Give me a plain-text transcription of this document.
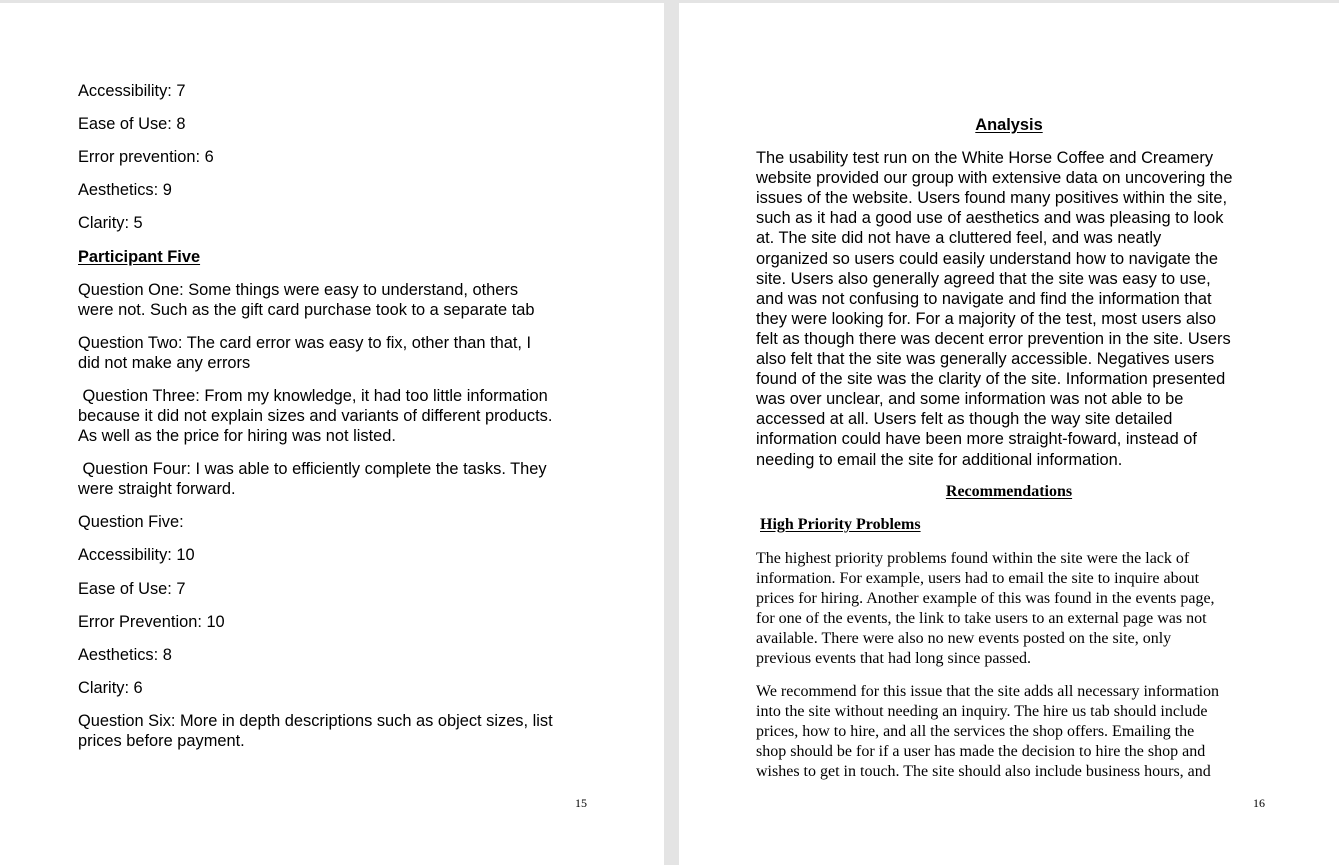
Accessibility: 7

Ease of Use: 8

Error prevention: 6

Aesthetics: 9

Clarity: 5

Participant Five

Question One: Some things were easy to understand, others

were not. Such as the gift card purchase took to a separate tab

Question Two: The card error was easy to fix, other than that, I

did not make any errors

Question Three: From my knowledge, it had too little information

because it did not explain sizes and variants of different products.

As well as the price for hiring was not listed.

Question Four: I was able to efficiently complete the tasks. They

were straight forward.

Question Five:

Accessibility: 10

Ease of Use: 7

Error Prevention: 10

Aesthetics: 8

Clarity: 6

Question Six: More in depth descriptions such as object sizes, list

prices before payment.

15

Analysis

The usability test run on the White Horse Coffee and Creamery

website provided our group with extensive data on uncovering the

issues of the website. Users found many positives within the site,

such as it had a good use of aesthetics and was pleasing to look

at. The site did not have a cluttered feel, and was neatly

organized so users could easily understand how to navigate the

site. Users also generally agreed that the site was easy to use,

and was not confusing to navigate and find the information that

they were looking for. For a majority of the test, most users also

felt as though there was decent error prevention in the site. Users

also felt that the site was generally accessible. Negatives users

found of the site was the clarity of the site. Information presented

was over unclear, and some information was not able to be

accessed at all. Users felt as though the way site detailed

information could have been more straight-foward, instead of

needing to email the site for additional information.

Recommendations

High Priority Problems

The highest priority problems found within the site were the lack of

information. For example, users had to email the site to inquire about

prices for hiring. Another example of this was found in the events page,

for one of the events, the link to take users to an external page was not

available. There were also no new events posted on the site, only

previous events that had long since passed.

We recommend for this issue that the site adds all necessary information

into the site without needing an inquiry. The hire us tab should include

prices, how to hire, and all the services the shop offers. Emailing the

shop should be for if a user has made the decision to hire the shop and

wishes to get in touch. The site should also include business hours, and

16
